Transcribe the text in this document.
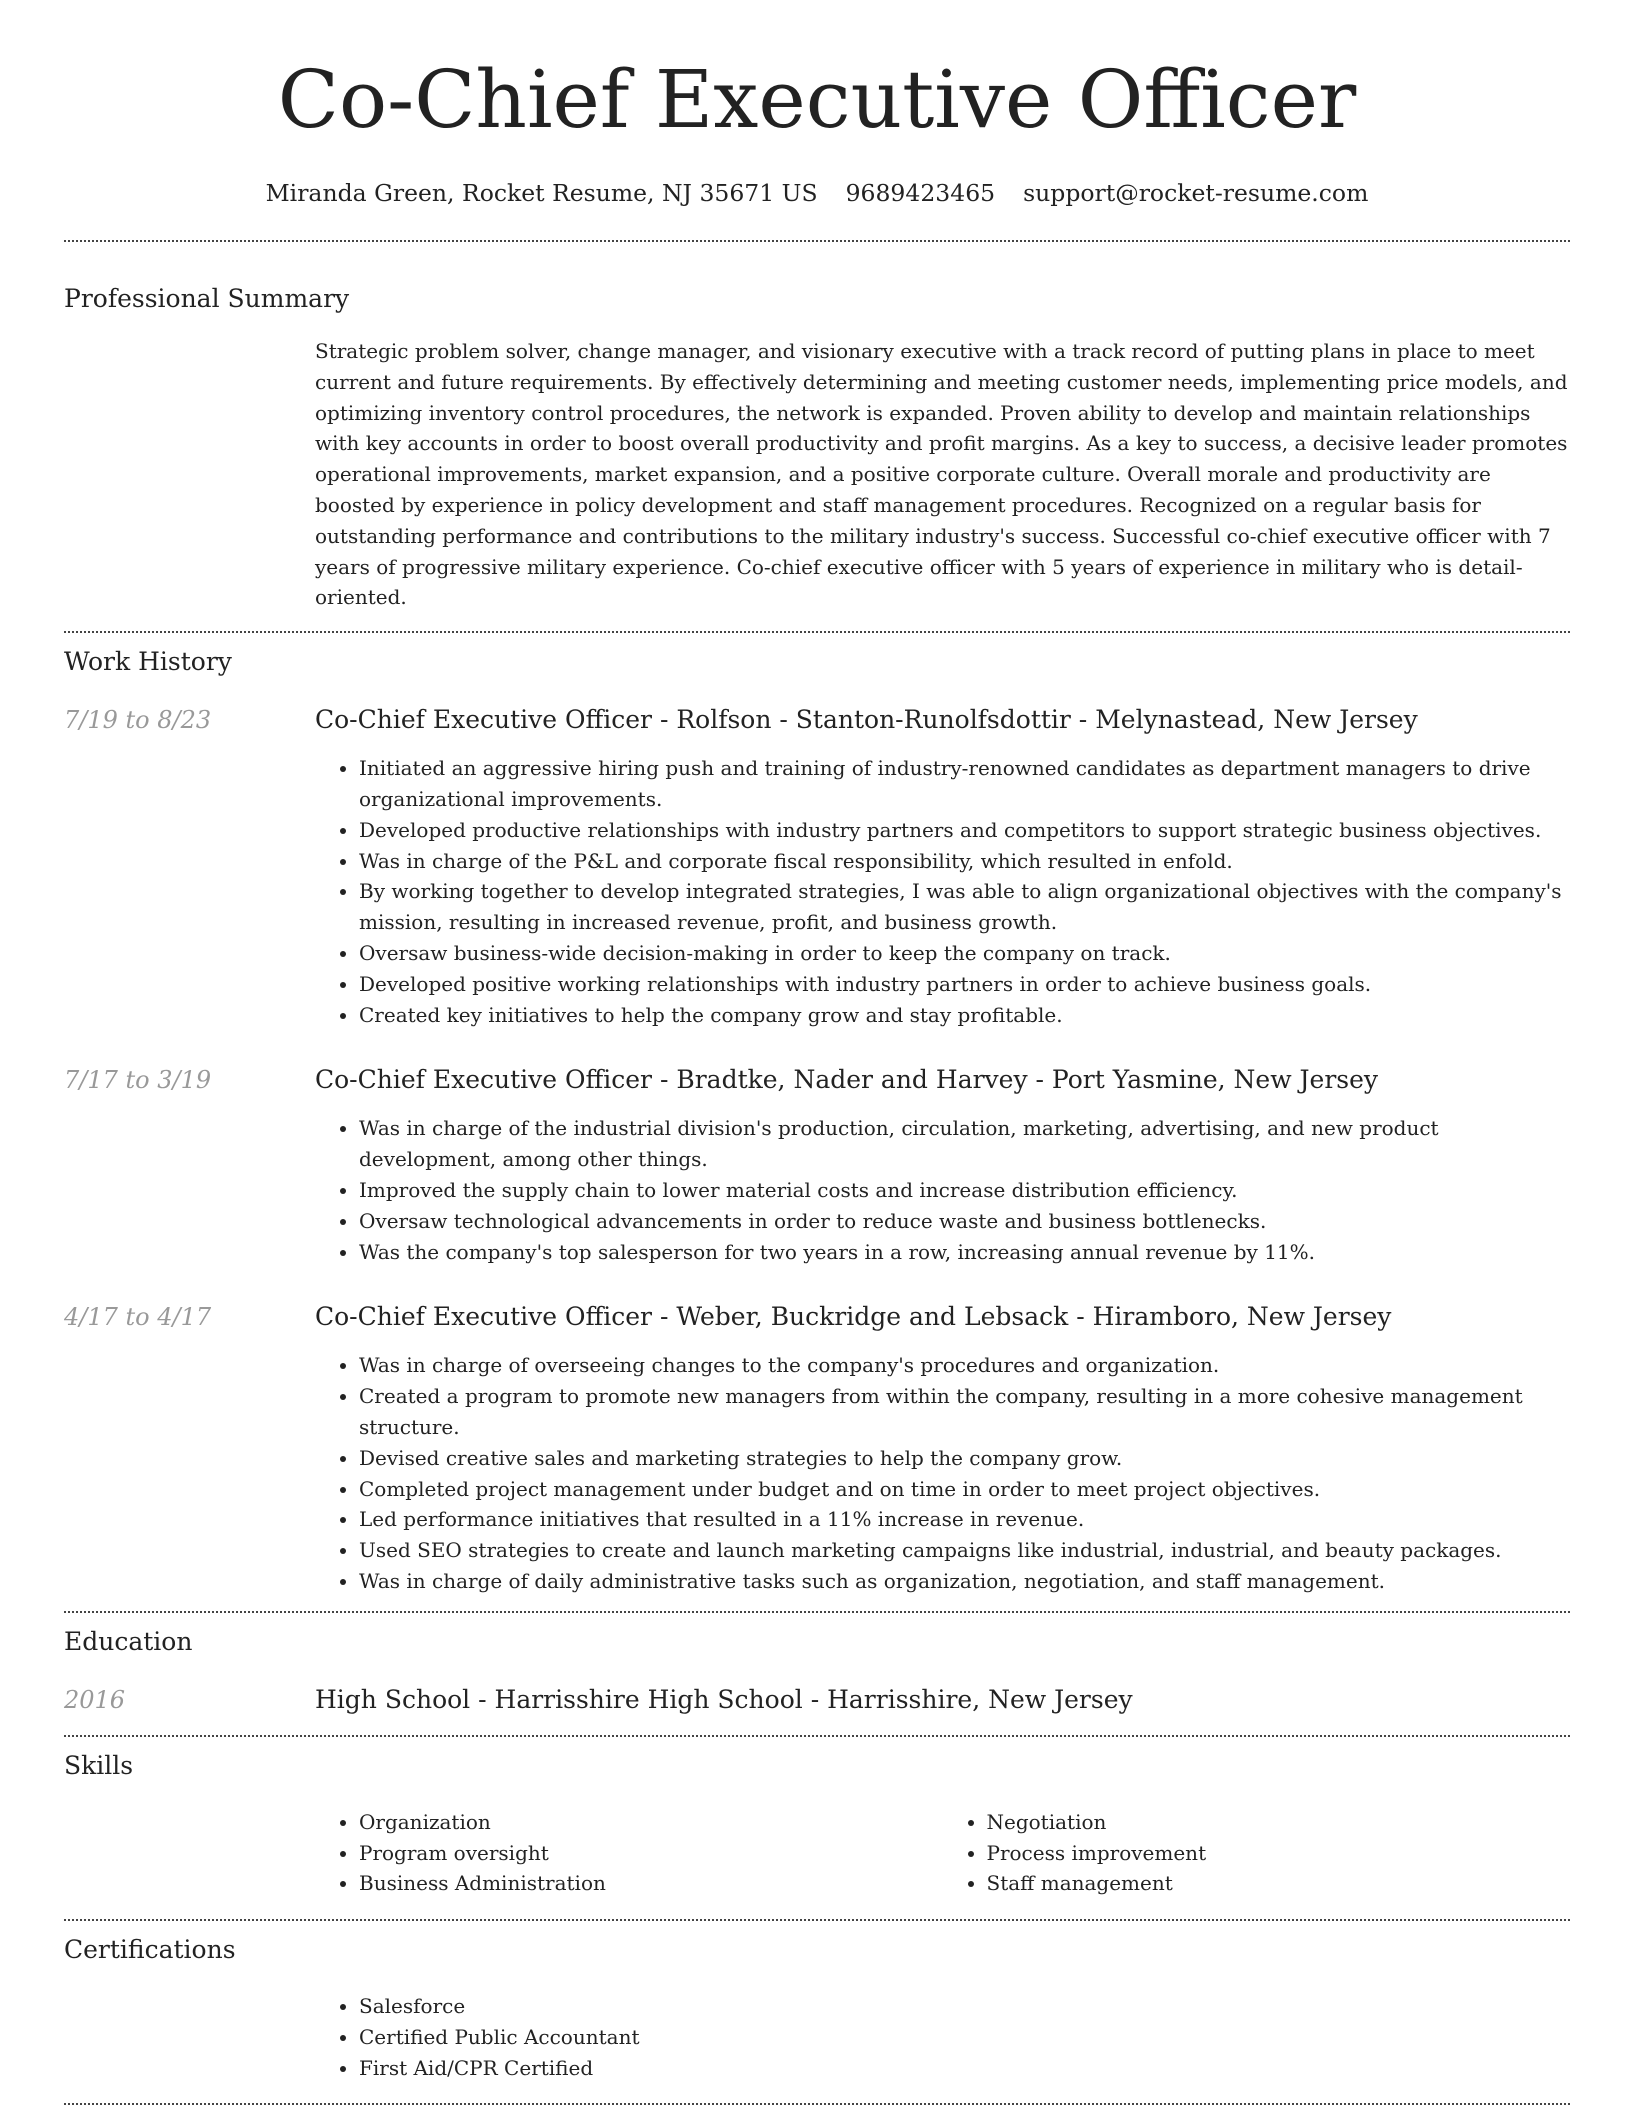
Co-Chief Executive Officer
Miranda Green, Rocket Resume, NJ 35671 US 9689423465 support@rocket-resume.com
Professional Summary
Strategic problem solver, change manager, and visionary executive with a track record of putting plans in place to meet current and future requirements. By effectively determining and meeting customer needs, implementing price models, and optimizing inventory control procedures, the network is expanded. Proven ability to develop and maintain relationships with key accounts in order to boost overall productivity and profit margins. As a key to success, a decisive leader promotes operational improvements, market expansion, and a positive corporate culture. Overall morale and productivity are boosted by experience in policy development and staff management procedures. Recognized on a regular basis for outstanding performance and contributions to the military industry's success. Successful co-chief executive officer with 7 years of progressive military experience. Co-chief executive officer with 5 years of experience in military who is detail-oriented.
Work History
7/19 to 8/23	Co-Chief Executive Officer - Rolfson - Stanton-Runolfsdottir - Melynastead, New Jersey
• Initiated an aggressive hiring push and training of industry-renowned candidates as department managers to drive organizational improvements.
• Developed productive relationships with industry partners and competitors to support strategic business objectives.
• Was in charge of the P&L and corporate fiscal responsibility, which resulted in enfold.
• By working together to develop integrated strategies, I was able to align organizational objectives with the company's mission, resulting in increased revenue, profit, and business growth.
• Oversaw business-wide decision-making in order to keep the company on track.
• Developed positive working relationships with industry partners in order to achieve business goals.
• Created key initiatives to help the company grow and stay profitable.
7/17 to 3/19	Co-Chief Executive Officer - Bradtke, Nader and Harvey - Port Yasmine, New Jersey
• Was in charge of the industrial division's production, circulation, marketing, advertising, and new product development, among other things.
• Improved the supply chain to lower material costs and increase distribution efficiency.
• Oversaw technological advancements in order to reduce waste and business bottlenecks.
• Was the company's top salesperson for two years in a row, increasing annual revenue by 11%.
4/17 to 4/17	Co-Chief Executive Officer - Weber, Buckridge and Lebsack - Hiramboro, New Jersey
• Was in charge of overseeing changes to the company's procedures and organization.
• Created a program to promote new managers from within the company, resulting in a more cohesive management structure.
• Devised creative sales and marketing strategies to help the company grow.
• Completed project management under budget and on time in order to meet project objectives.
• Led performance initiatives that resulted in a 11% increase in revenue.
• Used SEO strategies to create and launch marketing campaigns like industrial, industrial, and beauty packages.
• Was in charge of daily administrative tasks such as organization, negotiation, and staff management.
Education
2016	High School - Harrisshire High School - Harrisshire, New Jersey
Skills
• Organization
• Program oversight
• Business Administration
• Negotiation
• Process improvement
• Staff management
Certifications
• Salesforce
• Certified Public Accountant
• First Aid/CPR Certified
